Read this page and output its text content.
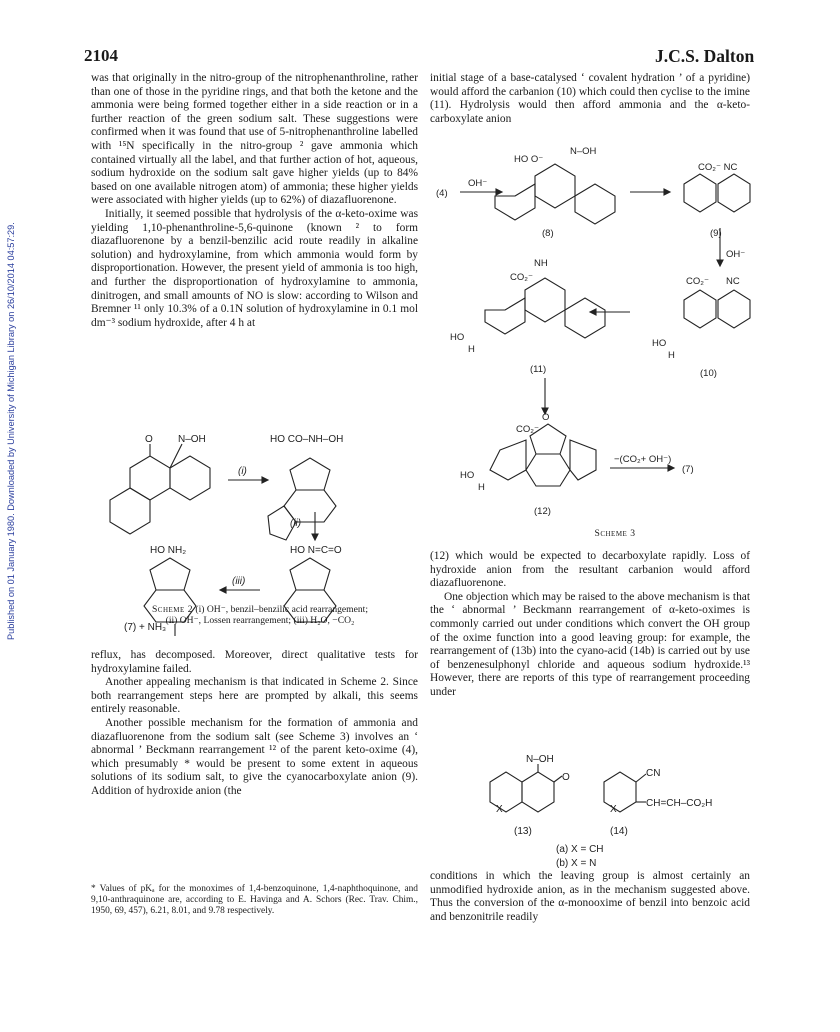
2104	J.C.S. Dalton
Published on 01 January 1980. Downloaded by University of Michigan Library on 26/10/2014 04:57:29.

was that originally in the nitro-group of the nitrophenanthroline, rather than one of those in the pyridine rings, and that both the ketone and the ammonia were being formed together either in a side reaction or in a further reaction of the green sodium salt. These suggestions were confirmed when it was found that use of 5-nitrophenanthroline labelled with ¹⁵N specifically in the nitro-group ² gave ammonia which contained virtually all the label, and that further action of hot, aqueous, sodium hydroxide on the sodium salt gave higher yields (up to 84% based on one available nitrogen atom) of ammonia; these higher yields were associated with higher yields (up to 62%) of diazafluorenone.

Initially, it seemed possible that hydrolysis of the α-keto-oxime was yielding 1,10-phenanthroline-5,6-quinone (known ² to form diazafluorenone by a benzil-benzilic acid route readily in alkaline solution) and hydroxylamine, from which ammonia would form by disproportionation. However, the present yield of ammonia is too high, and further the disproportionation of hydroxylamine to ammonia, dinitrogen, and small amounts of NO is slow: according to Wilson and Bremner ¹¹ only 10.3% of a 0.1N solution of hydroxylamine in 0.1 mol dm⁻³ sodium hydroxide, after 4 h at

reflux, has decomposed. Moreover, direct qualitative tests for hydroxylamine failed.

Another appealing mechanism is that indicated in Scheme 2. Since both rearrangement steps here are prompted by alkali, this seems entirely reasonable.

Another possible mechanism for the formation of ammonia and diazafluorenone from the sodium salt (see Scheme 3) involves an ‘ abnormal ’ Beckmann rearrangement ¹² of the parent keto-oxime (4), which presumably * would be present to some extent in aqueous solutions of its sodium salt, to give the cyanocarboxylate anion (9). Addition of hydroxide anion (the

* Values of pKₐ for the monoximes of 1,4-benzoquinone, 1,4-naphthoquinone, and 9,10-anthraquinone are, according to E. Havinga and A. Schors (Rec. Trav. Chim., 1950, 69, 457), 6.21, 8.01, and 9.78 respectively.
initial stage of a base-catalysed ‘ covalent hydration ’ of a pyridine) would afford the carbanion (10) which could then cyclise to the imine (11). Hydrolysis would then afford ammonia and the α-keto-carboxylate anion

(12) which would be expected to decarboxylate rapidly. Loss of hydroxide anion from the resultant carbanion would afford diazafluorenone.

One objection which may be raised to the above mechanism is that the ‘ abnormal ’ Beckmann rearrangement of α-keto-oximes is commonly carried out under conditions which convert the OH group of the oxime function into a good leaving group: for example, the rearrangement of (13b) into the cyano-acid (14b) is carried out by use of benzenesulphonyl chloride and aqueous sodium hydroxide.¹³ However, there are reports of this type of rearrangement proceeding under

conditions in which the leaving group is almost certainly an unmodified hydroxide anion, as in the mechanism suggested above. Thus the conversion of the α-monooxime of benzil into benzoic acid and benzonitrile readily
O	N–OH
(i)
HO CO–NH–OH
(ii)
HO N=C=O
(iii)
HO NH₂
(7) + NH₃
Scheme 2 (i) OH⁻, benzil–benzilic acid rearrangement;
(ii) OH⁻, Lossen rearrangement; (iii) H₂O, −CO₂
(4)
OH⁻
HO O⁻
N–OH
(8)
CO₂⁻ NC
(9)
OH⁻
CO₂⁻ NC
HO
H
(10)
NH
CO₂⁻
HO
H
(11)
O
CO₂⁻
HO
H
−(CO₂+ OH⁻)
(7)
(12)
Scheme 3
N–OH
O
X
CN
X
CH=CH–CO₂H
(13)	(14)
(a) X = CH
(b) X = N
